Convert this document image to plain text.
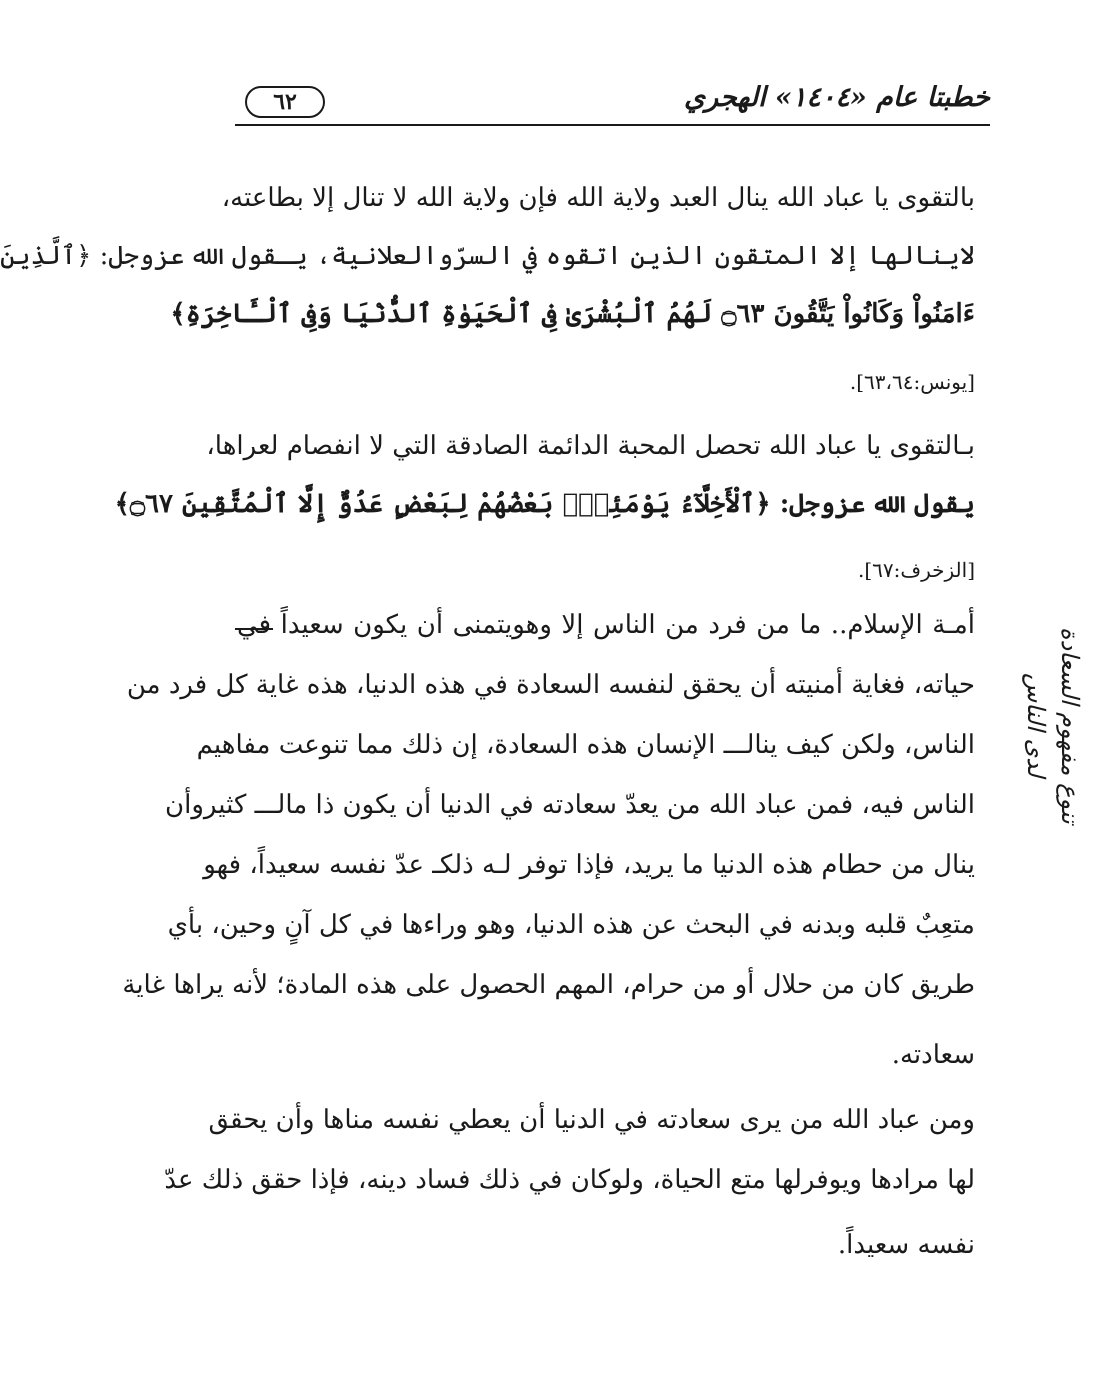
خطبتا عام «١٤٠٤» الهجري
٦٢
تنوع مفهوم السعادة
لدى الناس
بالتقوى يا عباد الله ينال العبد ولاية الله فإن ولاية الله لا تنال إلا بطاعته،
لاينالها إلا المتقون الذين اتقوه في السرّوالعلانية، يـقول الله عزوجل: ﴿ٱلَّذِينَ
ءَامَنُواْ وَكَانُواْ يَتَّقُونَ ۝٦٣ لَهُمُ ٱلْبُشْرَىٰ فِى ٱلْحَيَوٰةِ ٱلدُّنْيَا وَفِى ٱلْـَٔاخِرَةِ﴾
[يونس:٦٣،٦٤].
بـالتقوى يا عباد الله تحصل المحبة الدائمة الصادقة التي لا انفصام لعراها،
يقول الله عزوجل: ﴿ٱلْأَخِلَّآءُ يَوْمَئِذٍۭ بَعْضُهُمْ لِبَعْضٍ عَدُوٌّ إِلَّا ٱلْمُتَّقِينَ ۝٦٧﴾
[الزخرف:٦٧].
أمـة الإسلام.. ما من فرد من الناس إلا وهويتمنى أن يكون سعيداً في
حياته، فغاية أمنيته أن يحقق لنفسه السعادة في هذه الدنيا، هذه غاية كل فرد من
الناس، ولكن كيف ينالـــ الإنسان هذه السعادة، إن ذلك مما تنوعت مفاهيم
الناس فيه، فمن عباد الله من يعدّ سعادته في الدنيا أن يكون ذا مالـــ كثيروأن
ينال من حطام هذه الدنيا ما يريد، فإذا توفر لـه ذلكـ عدّ نفسه سعيداً، فهو
متعِبٌ قلبه وبدنه في البحث عن هذه الدنيا، وهو وراءها في كل آنٍ وحين، بأي
طريق كان من حلال أو من حرام، المهم الحصول على هذه المادة؛ لأنه يراها غاية
سعادته.
ومن عباد الله من يرى سعادته في الدنيا أن يعطي نفسه مناها وأن يحقق
لها مرادها ويوفرلها متع الحياة، ولوكان في ذلك فساد دينه، فإذا حقق ذلك عدّ
نفسه سعيداً.
